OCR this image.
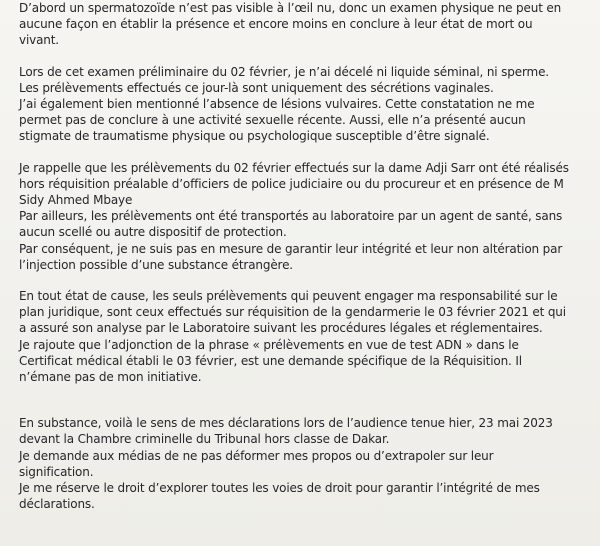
D’abord un spermatozoïde n’est pas visible à l’œil nu, donc un examen physique ne peut en
aucune façon en établir la présence et encore moins en conclure à leur état de mort ou
vivant.

Lors de cet examen préliminaire du 02 février, je n’ai décelé ni liquide séminal, ni sperme.
Les prélèvements effectués ce jour-là sont uniquement des sécrétions vaginales.
J’ai également bien mentionné l’absence de lésions vulvaires. Cette constatation ne me
permet pas de conclure à une activité sexuelle récente. Aussi, elle n’a présenté aucun
stigmate de traumatisme physique ou psychologique susceptible d’être signalé.

Je rappelle que les prélèvements du 02 février effectués sur la dame Adji Sarr ont été réalisés
hors réquisition préalable d’officiers de police judiciaire ou du procureur et en présence de M
Sidy Ahmed Mbaye
Par ailleurs, les prélèvements ont été transportés au laboratoire par un agent de santé, sans
aucun scellé ou autre dispositif de protection.
Par conséquent, je ne suis pas en mesure de garantir leur intégrité et leur non altération par
l’injection possible d’une substance étrangère.

En tout état de cause, les seuls prélèvements qui peuvent engager ma responsabilité sur le
plan juridique, sont ceux effectués sur réquisition de la gendarmerie le 03 février 2021 et qui
a assuré son analyse par le Laboratoire suivant les procédures légales et réglementaires.
Je rajoute que l’adjonction de la phrase « prélèvements en vue de test ADN » dans le
Certificat médical établi le 03 février, est une demande spécifique de la Réquisition. Il
n’émane pas de mon initiative.

En substance, voilà le sens de mes déclarations lors de l’audience tenue hier, 23 mai 2023
devant la Chambre criminelle du Tribunal hors classe de Dakar.
Je demande aux médias de ne pas déformer mes propos ou d’extrapoler sur leur
signification.
Je me réserve le droit d’explorer toutes les voies de droit pour garantir l’intégrité de mes
déclarations.
